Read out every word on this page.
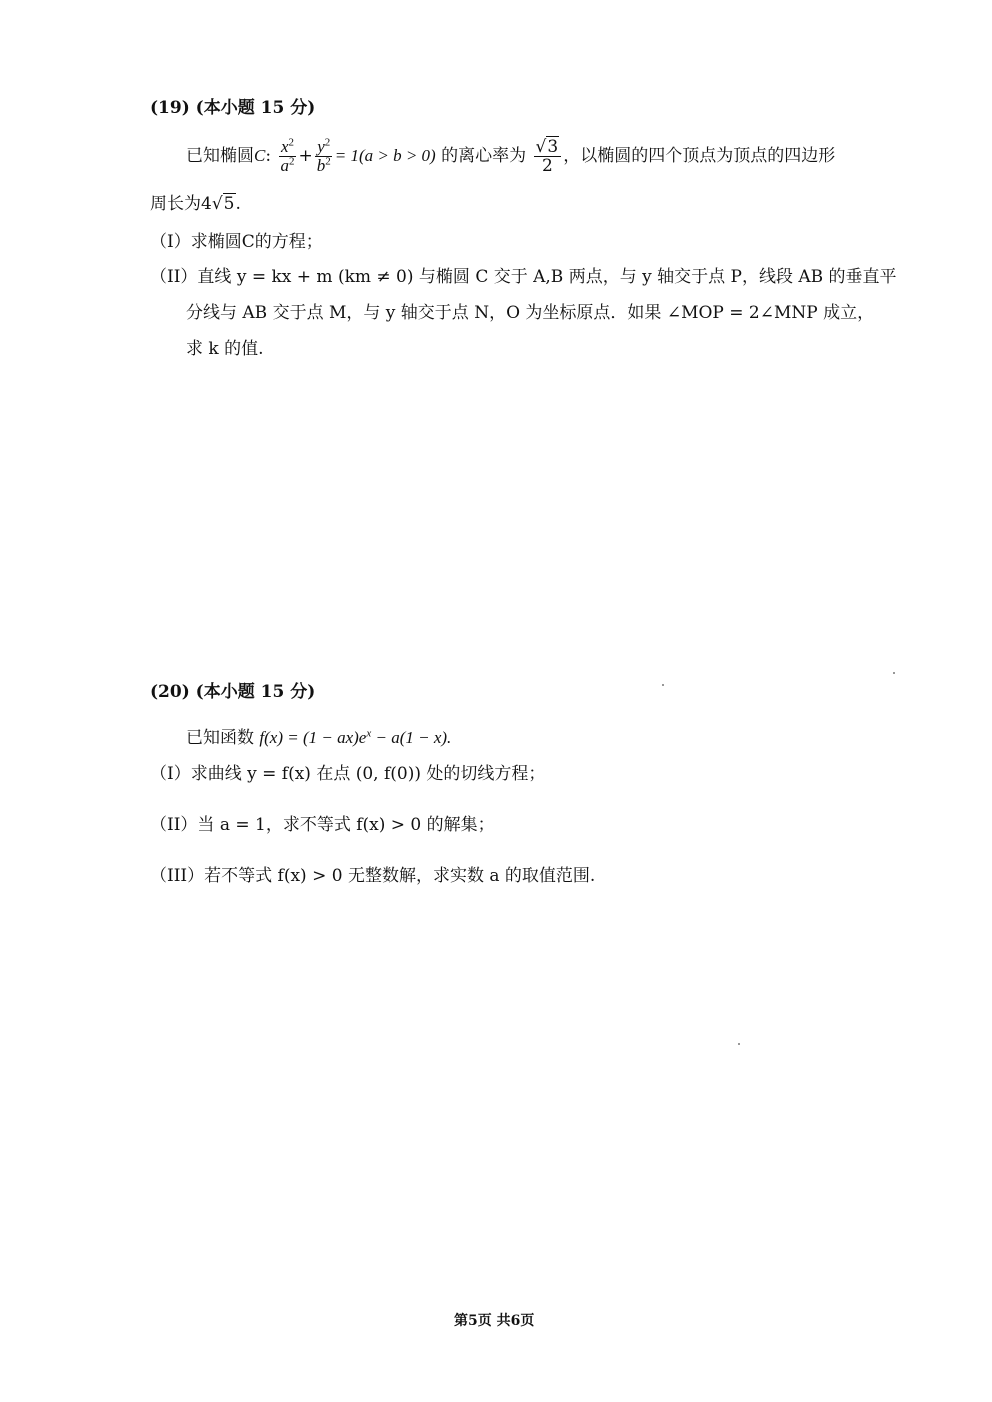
(19) (本小题 15 分)
已知椭圆C: $\frac{x^2}{a^2} + \frac{y^2}{b^2} = 1(a > b > 0)$ 的离心率为 $\frac{√3}{2}$ ，以椭圆的四个顶点为顶点的四边形
周长为4√5.
（I）求椭圆C的方程；
（II）直线 y = kx + m (km ≠ 0) 与椭圆 C 交于 A,B 两点，与 y 轴交于点 P，线段 AB 的垂直平
分线与 AB 交于点 M，与 y 轴交于点 N，O 为坐标原点．如果 ∠MOP = 2∠MNP 成立，
求 k 的值.
(20) (本小题 15 分)
已知函数 $f(x) = (1 - ax)e^x - a(1 - x)$.
（I）求曲线 y = f(x) 在点 (0, f(0)) 处的切线方程；
（II）当 a = 1，求不等式 f(x) > 0 的解集；
（III）若不等式 f(x) > 0 无整数解，求实数 a 的取值范围.
第5页 共6页
